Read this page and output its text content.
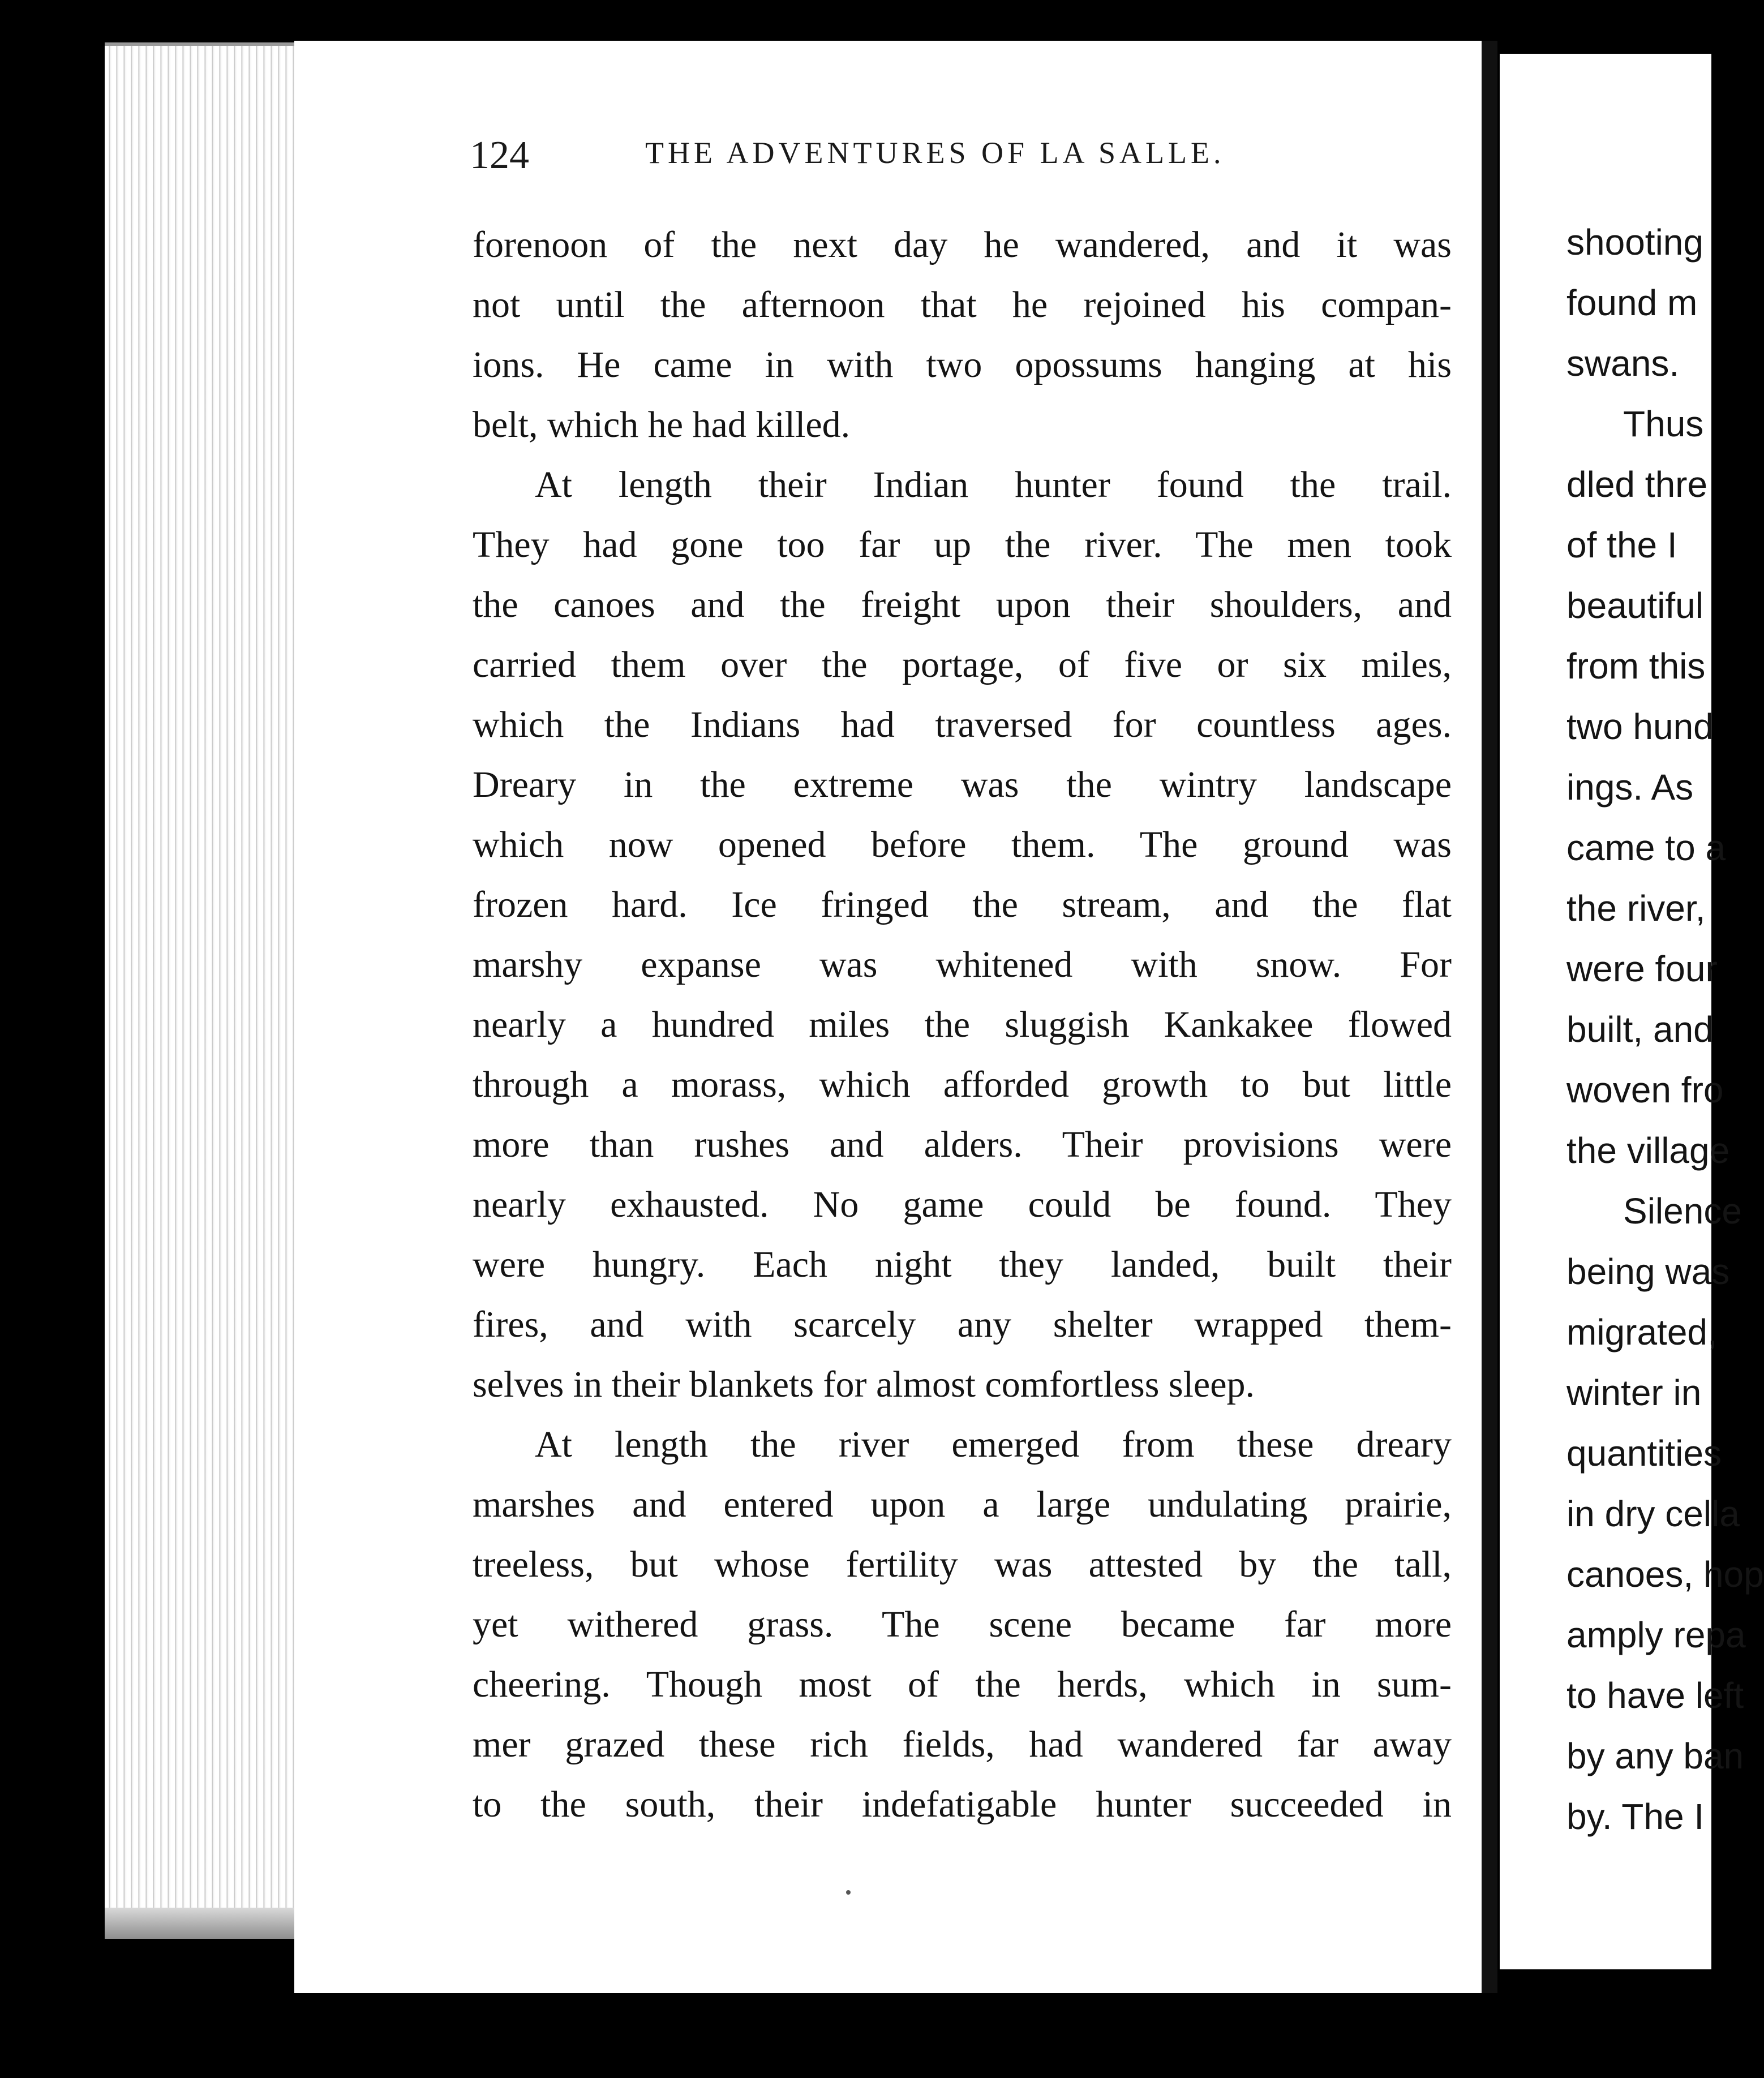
124	THE ADVENTURES OF LA SALLE.
forenoon of the next day he wandered, and it was
not until the afternoon that he rejoined his compan-
ions. He came in with two opossums hanging at his
belt, which he had killed.
At length their Indian hunter found the trail.
They had gone too far up the river. The men took
the canoes and the freight upon their shoulders, and
carried them over the portage, of five or six miles,
which the Indians had traversed for countless ages.
Dreary in the extreme was the wintry landscape
which now opened before them. The ground was
frozen hard. Ice fringed the stream, and the flat
marshy expanse was whitened with snow. For
nearly a hundred miles the sluggish Kankakee flowed
through a morass, which afforded growth to but little
more than rushes and alders. Their provisions were
nearly exhausted. No game could be found. They
were hungry. Each night they landed, built their
fires, and with scarcely any shelter wrapped them-
selves in their blankets for almost comfortless sleep.
At length the river emerged from these dreary
marshes and entered upon a large undulating prairie,
treeless, but whose fertility was attested by the tall,
yet withered grass. The scene became far more
cheering. Though most of the herds, which in sum-
mer grazed these rich fields, had wandered far away
to the south, their indefatigable hunter succeeded in
shooting
found m
swans.
Thus
dled thre
of the I
beautiful
from this
two hund
ings. As
came to a
the river,
were four
built, and
woven fro
the village
Silence
being was
migrated,
winter in
quantities
in dry cella
canoes, hop
amply repa
to have left
by any ban
by. The I
